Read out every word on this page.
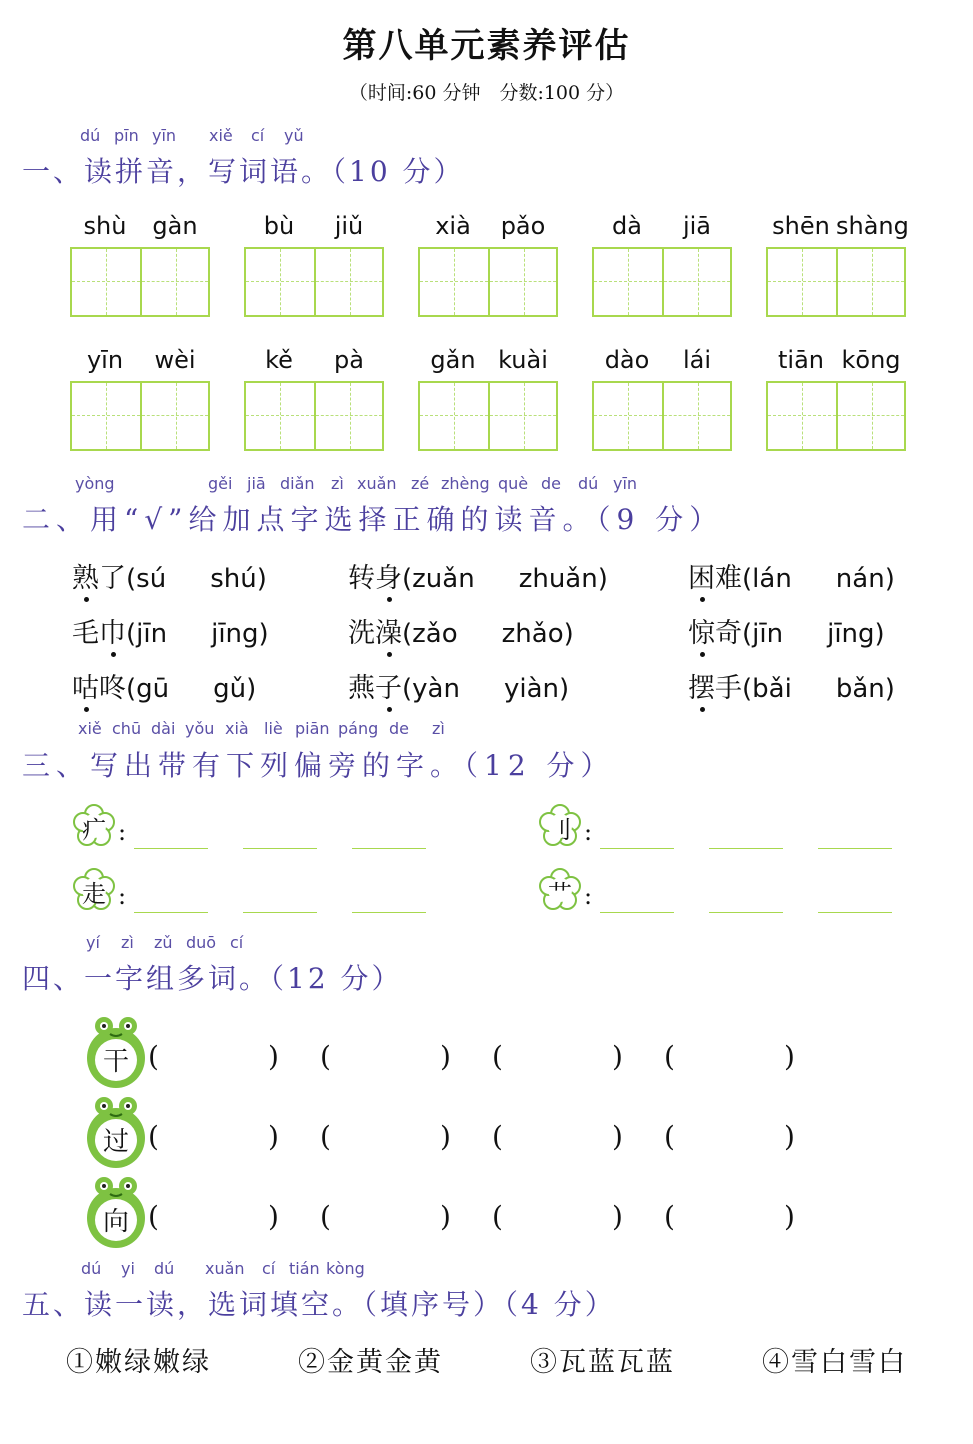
第八单元素养评估
（时间:60 分钟　分数:100 分）
dú pīn yīn xiě cí yǔ
一、读拼音，写词语。（10 分）
shù	gàn	bù	jiǔ	xià	pǎo	dà	jiā	shēn shàng
yīn	wèi	kě	pà	gǎn kuài	dào	lái	tiān kōng
yòng	gěi jiā diǎn zì xuǎn zé zhèng què de dú yīn
二、用“√”给加点字选择正确的读音。（9 分）
熟了(sú shú)	转身(zuǎn zhuǎn)	困难(lán nán)
毛巾(jīn jīng)	洗澡(zǎo zhǎo)	惊奇(jīn jīng)
咕咚(gū gǔ)	燕子(yàn yiàn)	摆手(bǎi bǎn)
xiě chū dài yǒu xià liè piān páng de zì
三、写出带有下列偏旁的字。（12 分）
疒 :	刂 :
走 :	艹 :
yí zì zǔ duō cí
四、一字组多词。（12 分）
干 (	) (	) (	) (	)
过 (	) (	) (	) (	)
向 (	) (	) (	) (	)
dú yi dú xuǎn cí tián kòng
五、读一读，选词填空。（填序号）（4 分）
①嫩绿嫩绿	②金黄金黄	③瓦蓝瓦蓝	④雪白雪白
